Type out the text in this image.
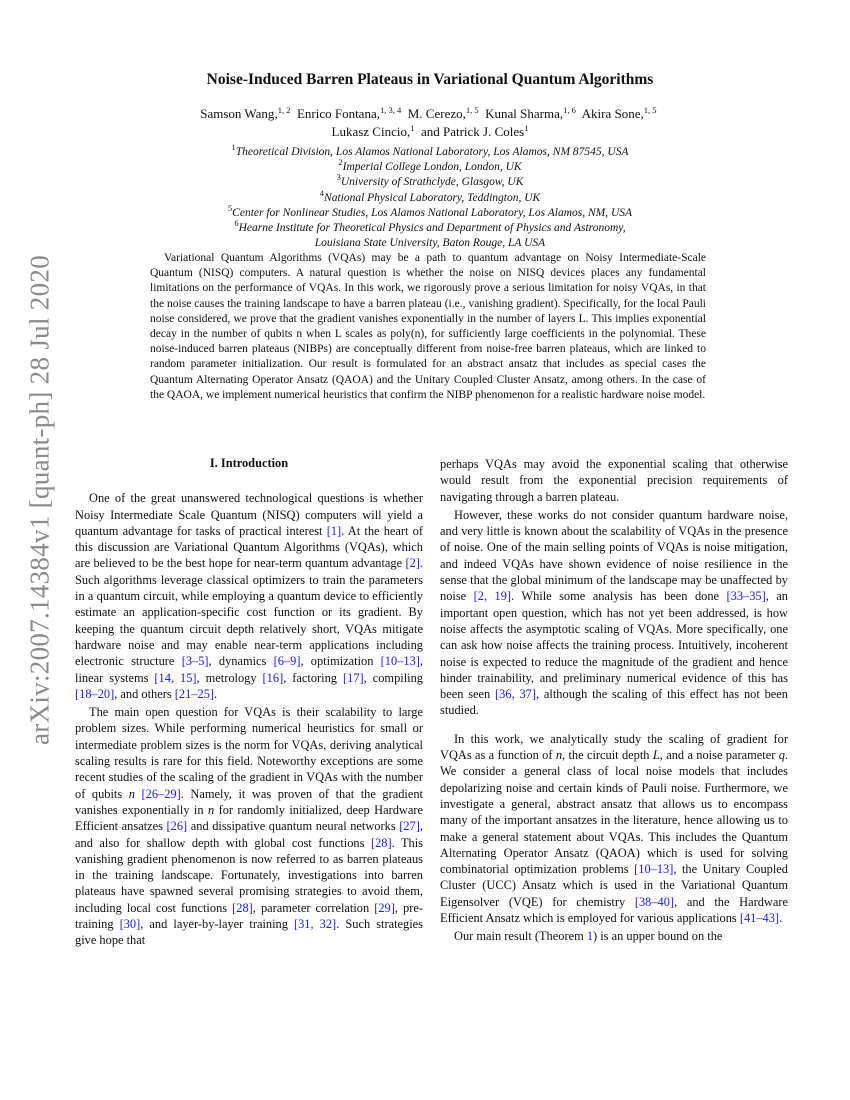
arXiv:2007.14384v1 [quant-ph] 28 Jul 2020
Noise-Induced Barren Plateaus in Variational Quantum Algorithms
Samson Wang,$^{1, 2}$ Enrico Fontana,$^{1, 3, 4}$ M. Cerezo,$^{1, 5}$ Kunal Sharma,$^{1, 6}$ Akira Sone,$^{1, 5}$
Lukasz Cincio,$^1$ and Patrick J. Coles$^1$
$^1$Theoretical Division, Los Alamos National Laboratory, Los Alamos, NM 87545, USA
$^2$Imperial College London, London, UK
$^3$University of Strathclyde, Glasgow, UK
$^4$National Physical Laboratory, Teddington, UK
$^5$Center for Nonlinear Studies, Los Alamos National Laboratory, Los Alamos, NM, USA
$^6$Hearne Institute for Theoretical Physics and Department of Physics and Astronomy,
Louisiana State University, Baton Rouge, LA USA
Variational Quantum Algorithms (VQAs) may be a path to quantum advantage on Noisy Intermediate-Scale Quantum (NISQ) computers. A natural question is whether the noise on NISQ devices places any fundamental limitations on the performance of VQAs. In this work, we rigorously prove a serious limitation for noisy VQAs, in that the noise causes the training landscape to have a barren plateau (i.e., vanishing gradient). Specifically, for the local Pauli noise considered, we prove that the gradient vanishes exponentially in the number of layers L. This implies exponential decay in the number of qubits n when L scales as poly(n), for sufficiently large coefficients in the polynomial. These noise-induced barren plateaus (NIBPs) are conceptually different from noise-free barren plateaus, which are linked to random parameter initialization. Our result is formulated for an abstract ansatz that includes as special cases the Quantum Alternating Operator Ansatz (QAOA) and the Unitary Coupled Cluster Ansatz, among others. In the case of the QAOA, we implement numerical heuristics that confirm the NIBP phenomenon for a realistic hardware noise model.
I. Introduction

One of the great unanswered technological questions is whether Noisy Intermediate Scale Quantum (NISQ) computers will yield a quantum advantage for tasks of practical interest [1]. At the heart of this discussion are Variational Quantum Algorithms (VQAs), which are believed to be the best hope for near-term quantum advantage [2]. Such algorithms leverage classical optimizers to train the parameters in a quantum circuit, while employing a quantum device to efficiently estimate an application-specific cost function or its gradient. By keeping the quantum circuit depth relatively short, VQAs mitigate hardware noise and may enable near-term applications including electronic structure [3–5], dynamics [6–9], optimization [10–13], linear systems [14, 15], metrology [16], factoring [17], compiling [18–20], and others [21–25].

The main open question for VQAs is their scalability to large problem sizes. While performing numerical heuristics for small or intermediate problem sizes is the norm for VQAs, deriving analytical scaling results is rare for this field. Noteworthy exceptions are some recent studies of the scaling of the gradient in VQAs with the number of qubits n [26–29]. Namely, it was proven of that the gradient vanishes exponentially in n for randomly initialized, deep Hardware Efficient ansatzes [26] and dissipative quantum neural networks [27], and also for shallow depth with global cost functions [28]. This vanishing gradient phenomenon is now referred to as barren plateaus in the training landscape. Fortunately, investigations into barren plateaus have spawned several promising strategies to avoid them, including local cost functions [28], parameter correlation [29], pre-training [30], and layer-by-layer training [31, 32]. Such strategies give hope that

perhaps VQAs may avoid the exponential scaling that otherwise would result from the exponential precision requirements of navigating through a barren plateau.

However, these works do not consider quantum hardware noise, and very little is known about the scalability of VQAs in the presence of noise. One of the main selling points of VQAs is noise mitigation, and indeed VQAs have shown evidence of noise resilience in the sense that the global minimum of the landscape may be unaffected by noise [2, 19]. While some analysis has been done [33–35], an important open question, which has not yet been addressed, is how noise affects the asymptotic scaling of VQAs. More specifically, one can ask how noise affects the training process. Intuitively, incoherent noise is expected to reduce the magnitude of the gradient and hence hinder trainability, and preliminary numerical evidence of this has been seen [36, 37], although the scaling of this effect has not been studied.

In this work, we analytically study the scaling of gradient for VQAs as a function of n, the circuit depth L, and a noise parameter q. We consider a general class of local noise models that includes depolarizing noise and certain kinds of Pauli noise. Furthermore, we investigate a general, abstract ansatz that allows us to encompass many of the important ansatzes in the literature, hence allowing us to make a general statement about VQAs. This includes the Quantum Alternating Operator Ansatz (QAOA) which is used for solving combinatorial optimization problems [10–13], the Unitary Coupled Cluster (UCC) Ansatz which is used in the Variational Quantum Eigensolver (VQE) for chemistry [38–40], and the Hardware Efficient Ansatz which is employed for various applications [41–43].

Our main result (Theorem 1) is an upper bound on the
